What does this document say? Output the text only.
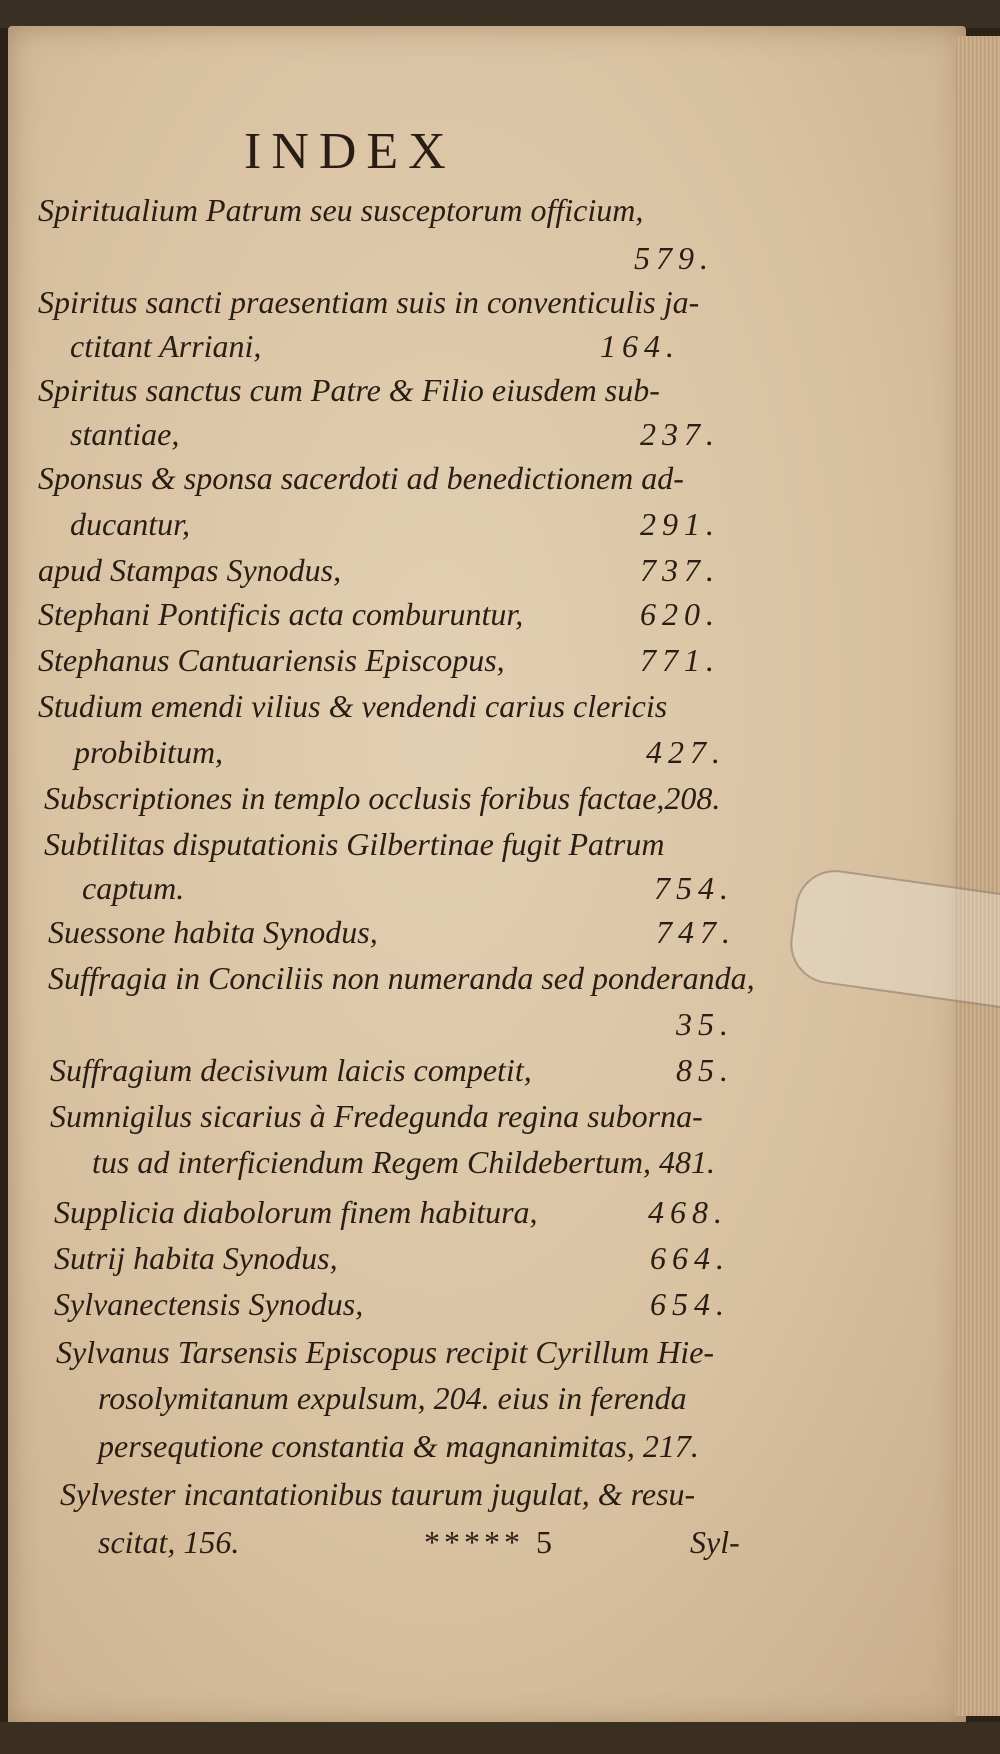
INDEX
Spiritualium Patrum seu susceptorum officium,
579.
Spiritus sancti praesentiam suis in conventiculis ja-
ctitant Arriani,	164.
Spiritus sanctus cum Patre & Filio eiusdem sub-
stantiae,	237.
Sponsus & sponsa sacerdoti ad benedictionem ad-
ducantur,	291.
apud Stampas Synodus,	737.
Stephani Pontificis acta comburuntur,	620.
Stephanus Cantuariensis Episcopus,	771.
Studium emendi vilius & vendendi carius clericis
probibitum,	427.
Subscriptiones in templo occlusis foribus factae,208.
Subtilitas disputationis Gilbertinae fugit Patrum
captum.	754.
Suessone habita Synodus,	747.
Suffragia in Conciliis non numeranda sed ponderanda,
35.
Suffragium decisivum laicis competit,	85.
Sumnigilus sicarius à Fredegunda regina suborna-
tus ad interficiendum Regem Childebertum, 481.
Supplicia diabolorum finem habitura,	468.
Sutrij habita Synodus,	664.
Sylvanectensis Synodus,	654.
Sylvanus Tarsensis Episcopus recipit Cyrillum Hie-
rosolymitanum expulsum, 204. eius in ferenda
persequtione constantia & magnanimitas, 217.
Sylvester incantationibus taurum jugulat, & resu-
scitat, 156.	***** 5	Syl-
